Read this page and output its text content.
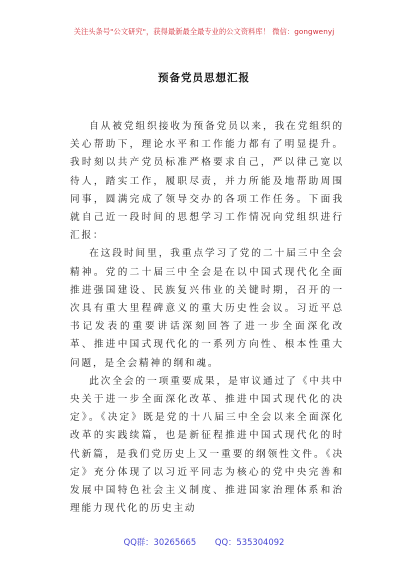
关注头条号"公文研究"，获得最新最全最专业的公文资料库！ 微信：gongwenyj
预备党员思想汇报

自从被党组织接收为预备党员以来，我在党组织的关心帮助下，理论水平和工作能力都有了明显提升。我时刻以共产党员标准严格要求自己，严以律己宽以待人，踏实工作，履职尽责，并力所能及地帮助周围同事，圆满完成了领导交办的各项工作任务。下面我就自己近一段时间的思想学习工作情况向党组织进行汇报：

在这段时间里，我重点学习了党的二十届三中全会精神。党的二十届三中全会是在以中国式现代化全面推进强国建设、民族复兴伟业的关键时期，召开的一次具有重大里程碑意义的重大历史性会议。习近平总书记发表的重要讲话深刻回答了进一步全面深化改革、推进中国式现代化的一系列方向性、根本性重大问题，是全会精神的纲和魂。

此次全会的一项重要成果，是审议通过了《中共中央关于进一步全面深化改革、推进中国式现代化的决定》。《决定》既是党的十八届三中全会以来全面深化改革的实践续篇，也是新征程推进中国式现代化的时代新篇，是我们党历史上又一重要的纲领性文件。《决定》充分体现了以习近平同志为核心的党中央完善和发展中国特色社会主义制度、推进国家治理体系和治理能力现代化的历史主动

QQ群：30265665 QQ：535304092
